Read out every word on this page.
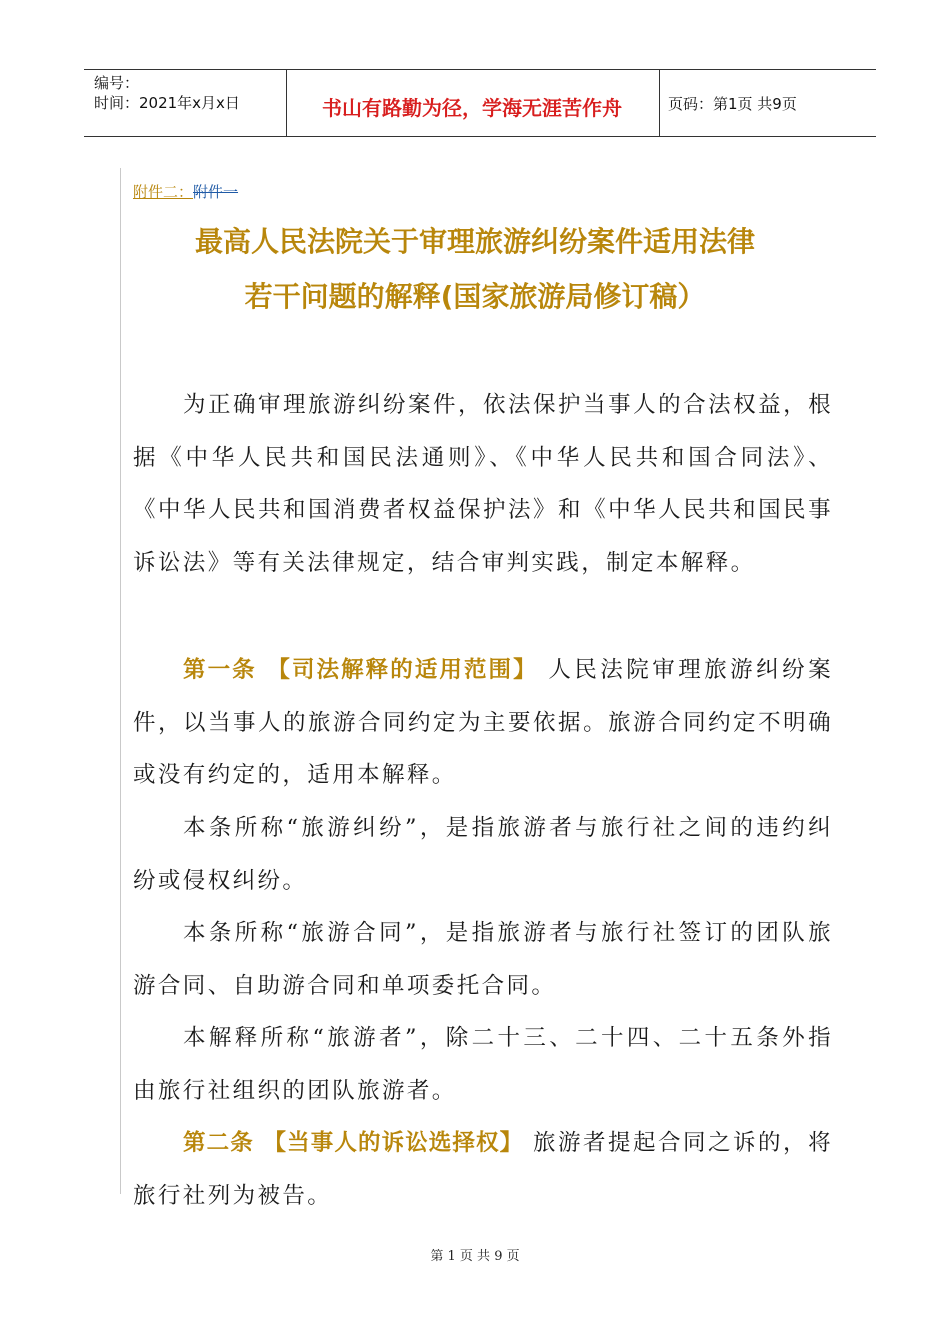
编号：
时间：2021年x月x日	书山有路勤为径，学海无涯苦作舟	页码：第1页 共9页
附件二：附件一
最高人民法院关于审理旅游纠纷案件适用法律
若干问题的解释(国家旅游局修订稿）

为正确审理旅游纠纷案件，依法保护当事人的合法权益，根据《中华人民共和国民法通则》、《中华人民共和国合同法》、《中华人民共和国消费者权益保护法》和《中华人民共和国民事诉讼法》等有关法律规定，结合审判实践，制定本解释。

第一条 【司法解释的适用范围】 人民法院审理旅游纠纷案件，以当事人的旅游合同约定为主要依据。旅游合同约定不明确或没有约定的，适用本解释。

本条所称“旅游纠纷”，是指旅游者与旅行社之间的违约纠纷或侵权纠纷。

本条所称“旅游合同”，是指旅游者与旅行社签订的团队旅游合同、自助游合同和单项委托合同。

本解释所称“旅游者”，除二十三、二十四、二十五条外指由旅行社组织的团队旅游者。

第二条 【当事人的诉讼选择权】 旅游者提起合同之诉的，将旅行社列为被告。

第 1 页 共 9 页
